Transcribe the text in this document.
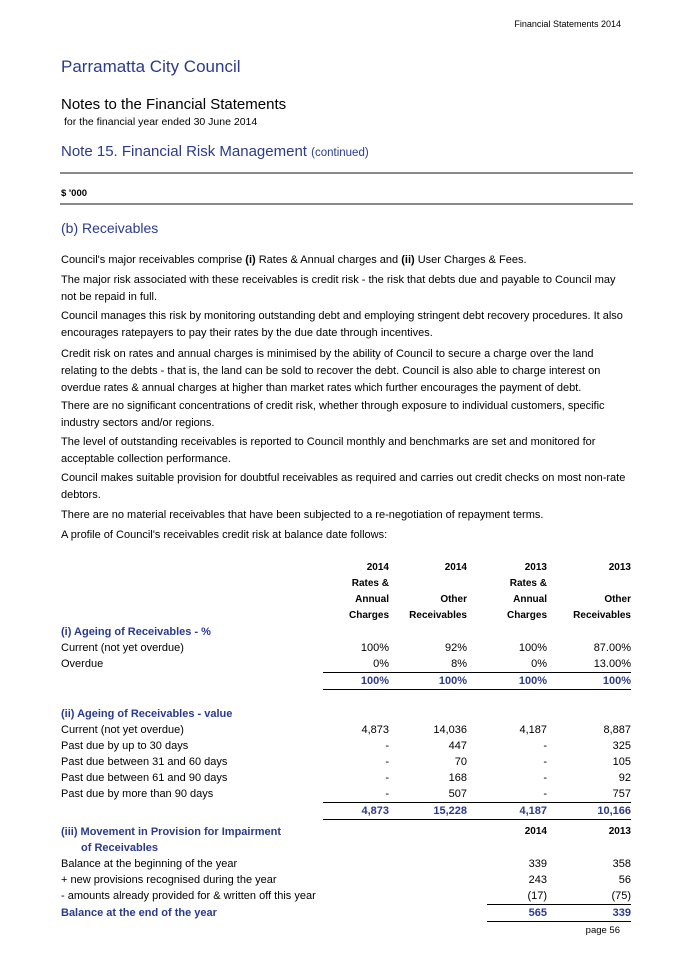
Financial Statements 2014
Parramatta City Council
Notes to the Financial Statements
for the financial year ended 30 June 2014
Note 15. Financial Risk Management (continued)
$ '000
(b) Receivables
Council's major receivables comprise (i) Rates & Annual charges and (ii) User Charges & Fees.
The major risk associated with these receivables is credit risk - the risk that debts due and payable to Council may not be repaid in full.
Council manages this risk by monitoring outstanding debt and employing stringent debt recovery procedures. It also encourages ratepayers to pay their rates by the due date through incentives.
Credit risk on rates and annual charges is minimised by the ability of Council to secure a charge over the land relating to the debts - that is, the land can be sold to recover the debt. Council is also able to charge interest on overdue rates & annual charges at higher than market rates which further encourages the payment of debt.
There are no significant concentrations of credit risk, whether through exposure to individual customers, specific industry sectors and/or regions.
The level of outstanding receivables is reported to Council monthly and benchmarks are set and monitored for acceptable collection performance.
Council makes suitable provision for doubtful receivables as required and carries out credit checks on most non-rate debtors.
There are no material receivables that have been subjected to a re-negotiation of repayment terms.
A profile of Council's receivables credit risk at balance date follows:
	2014	2014	2013	2013
	Rates &		Rates &	
	Annual	Other	Annual	Other
	Charges	Receivables	Charges	Receivables
(i) Ageing of Receivables - %				
Current (not yet overdue)	100%	92%	100%	87.00%
Overdue	0%	8%	0%	13.00%
	100%	100%	100%	100%

(ii) Ageing of Receivables - value				
Current (not yet overdue)	4,873	14,036	4,187	8,887
Past due by up to 30 days	-	447	-	325
Past due between 31 and 60 days	-	70	-	105
Past due between 61 and 90 days	-	168	-	92
Past due by more than 90 days	-	507	-	757
	4,873	15,228	4,187	10,166
(iii) Movement in Provision for Impairment	2014	2013
of Receivables		
Balance at the beginning of the year	339	358
+ new provisions recognised during the year	243	56
- amounts already provided for & written off this year	(17)	(75)
Balance at the end of the year	565	339
page 56
